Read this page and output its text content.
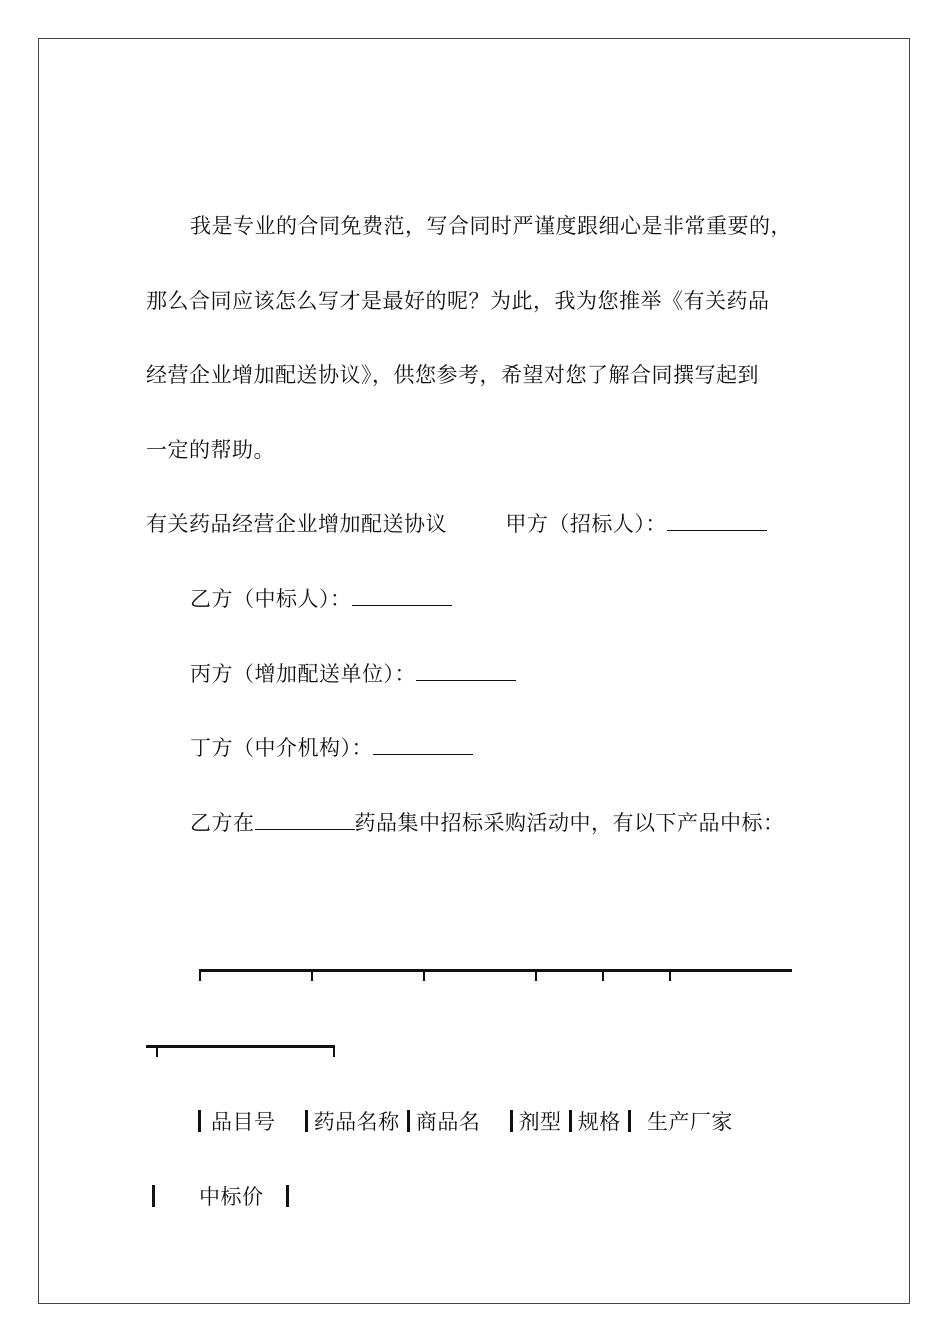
我是专业的合同免费范，写合同时严谨度跟细心是非常重要的，
那么合同应该怎么写才是最好的呢？为此，我为您推举《有关药品
经营企业增加配送协议》，供您参考，希望对您了解合同撰写起到
一定的帮助。
有关药品经营企业增加配送协议	甲方（招标人）：
乙方（中标人）：
丙方（增加配送单位）：
丁方（中介机构）：
乙方在	药品集中招标采购活动中，有以下产品中标：
品目号 药品名称 商品名 剂型 规格 生产厂家
中标价
